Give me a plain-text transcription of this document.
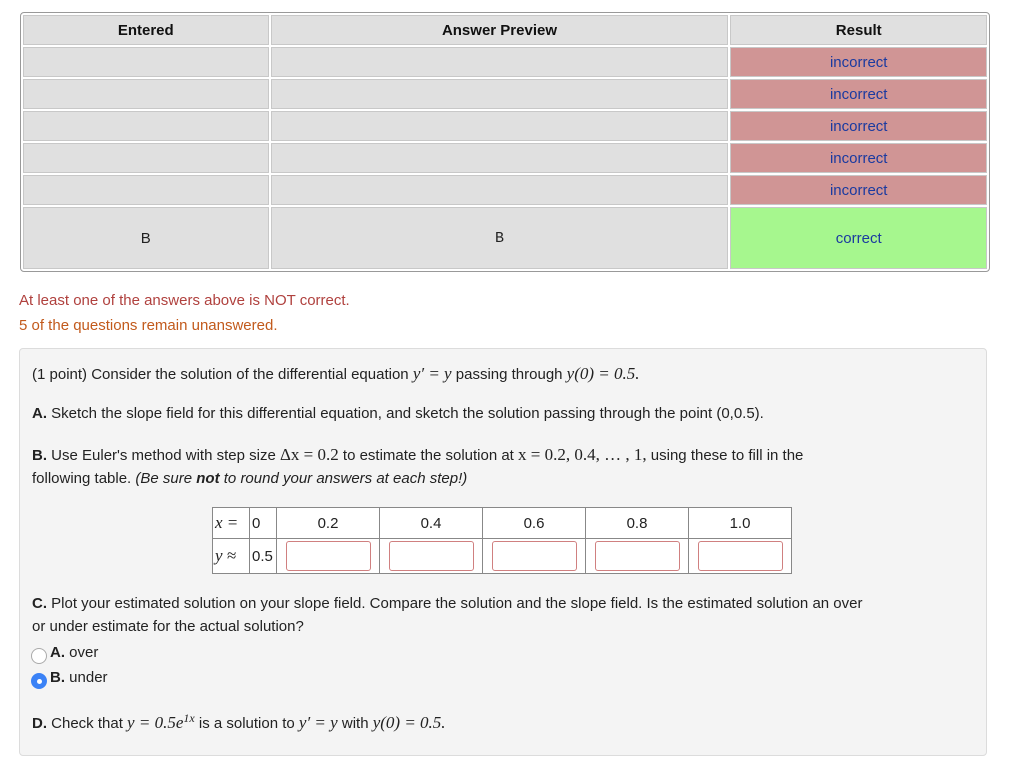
Entered	Answer Preview	Result
		incorrect
		incorrect
		incorrect
		incorrect
		incorrect
B	B	correct
At least one of the answers above is NOT correct.
5 of the questions remain unanswered.
(1 point) Consider the solution of the differential equation y′ = y passing through y(0) = 0.5.
A. Sketch the slope field for this differential equation, and sketch the solution passing through the point (0,0.5).
B. Use Euler's method with step size Δx = 0.2 to estimate the solution at x = 0.2, 0.4, … , 1, using these to fill in the
following table. (Be sure not to round your answers at each step!)
x =	0	0.2	0.4	0.6	0.8	1.0
y ≈	0.5					
C. Plot your estimated solution on your slope field. Compare the solution and the slope field. Is the estimated solution an over
or under estimate for the actual solution?
A. over
B. under
D. Check that $y = 0.5e^{1x}$ is a solution to y′ = y with y(0) = 0.5.
